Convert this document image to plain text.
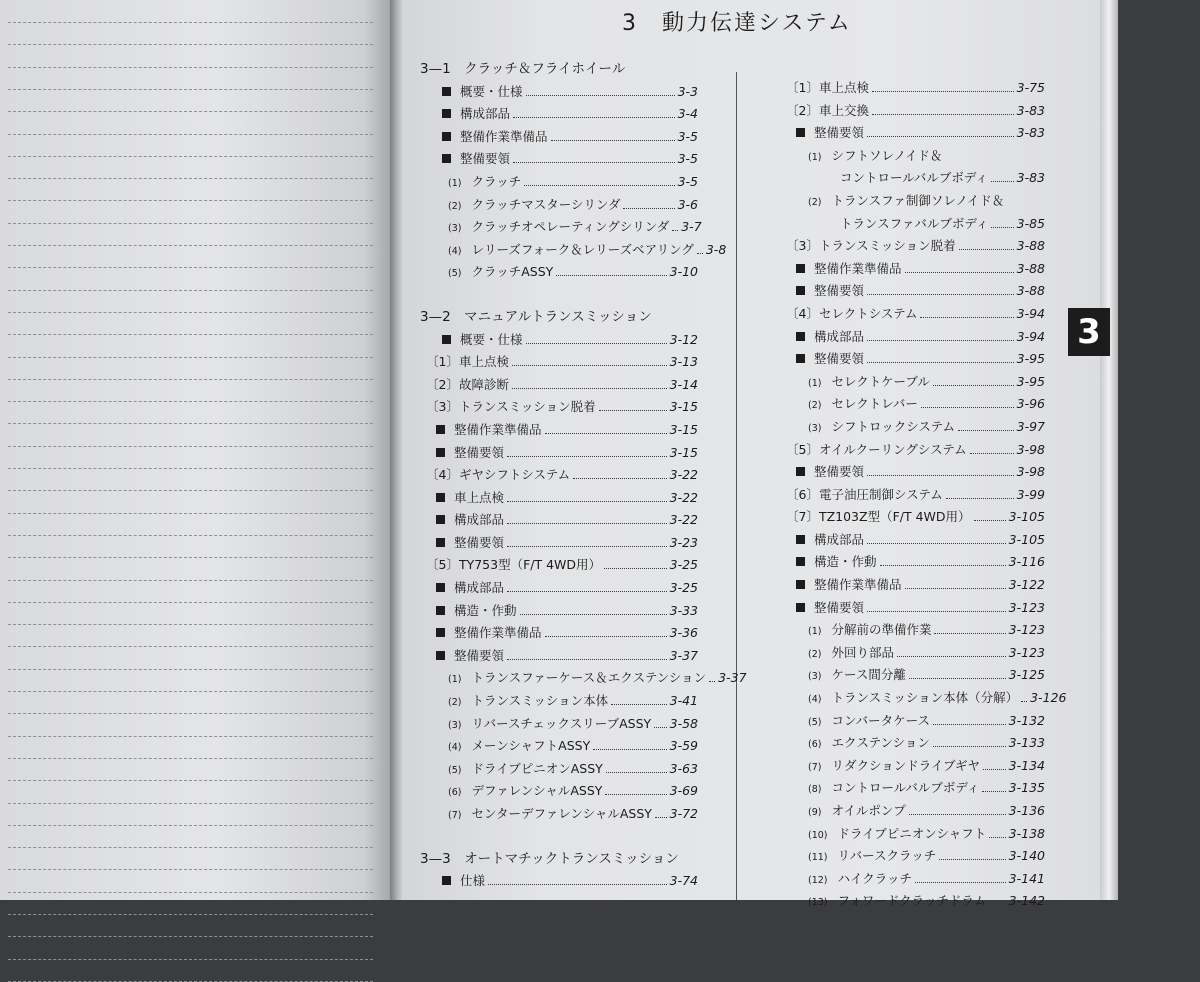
3　動力伝達システム
3
3—1　クラッチ＆フライホイール
概要・仕様	3-3
構成部品	3-4
整備作業準備品	3-5
整備要領	3-5
(1) クラッチ	3-5
(2) クラッチマスターシリンダ	3-6
(3) クラッチオペレーティングシリンダ 3-7
(4) レリーズフォーク＆レリーズベアリング 3-8
(5) クラッチASSY	3-10
3—2　マニュアルトランスミッション
概要・仕様	3-12
〔1〕車上点検	3-13
〔2〕故障診断	3-14
〔3〕トランスミッション脱着	3-15
整備作業準備品	3-15
整備要領	3-15
〔4〕ギヤシフトシステム	3-22
車上点検	3-22
構成部品	3-22
整備要領	3-23
〔5〕TY753型（F/T 4WD用）	3-25
構成部品	3-25
構造・作動	3-33
整備作業準備品	3-36
整備要領	3-37
(1) トランスファーケース＆エクステンション 3-37
(2) トランスミッション本体	3-41
(3) リバースチェックスリーブASSY 3-58
(4) メーンシャフトASSY	3-59
(5) ドライブピニオンASSY	3-63
(6) デファレンシャルASSY	3-69
(7) センターデファレンシャルASSY 3-72
3—3　オートマチックトランスミッション
仕様	3-74
〔1〕車上点検	3-75
〔2〕車上交換	3-83
整備要領	3-83
(1) シフトソレノイド＆
コントロールバルブボディ 3-83
(2) トランスファ制御ソレノイド＆
トランスファバルブボディ 3-85
〔3〕トランスミッション脱着	3-88
整備作業準備品	3-88
整備要領	3-88
〔4〕セレクトシステム	3-94
構成部品	3-94
整備要領	3-95
(1) セレクトケーブル	3-95
(2) セレクトレバー	3-96
(3) シフトロックシステム	3-97
〔5〕オイルクーリングシステム	3-98
整備要領	3-98
〔6〕電子油圧制御システム	3-99
〔7〕TZ103Z型（F/T 4WD用）	3-105
構成部品	3-105
構造・作動	3-116
整備作業準備品	3-122
整備要領	3-123
(1) 分解前の準備作業	3-123
(2) 外回り部品	3-123
(3) ケース間分離	3-125
(4) トランスミッション本体（分解） 3-126
(5) コンバータケース	3-132
(6) エクステンション	3-133
(7) リダクションドライブギヤ 3-134
(8) コントロールバルブボディ 3-135
(9) オイルポンプ	3-136
(10) ドライブピニオンシャフト 3-138
(11) リバースクラッチ	3-140
(12) ハイクラッチ	3-141
(13) フォワードクラッチドラム 3-142
